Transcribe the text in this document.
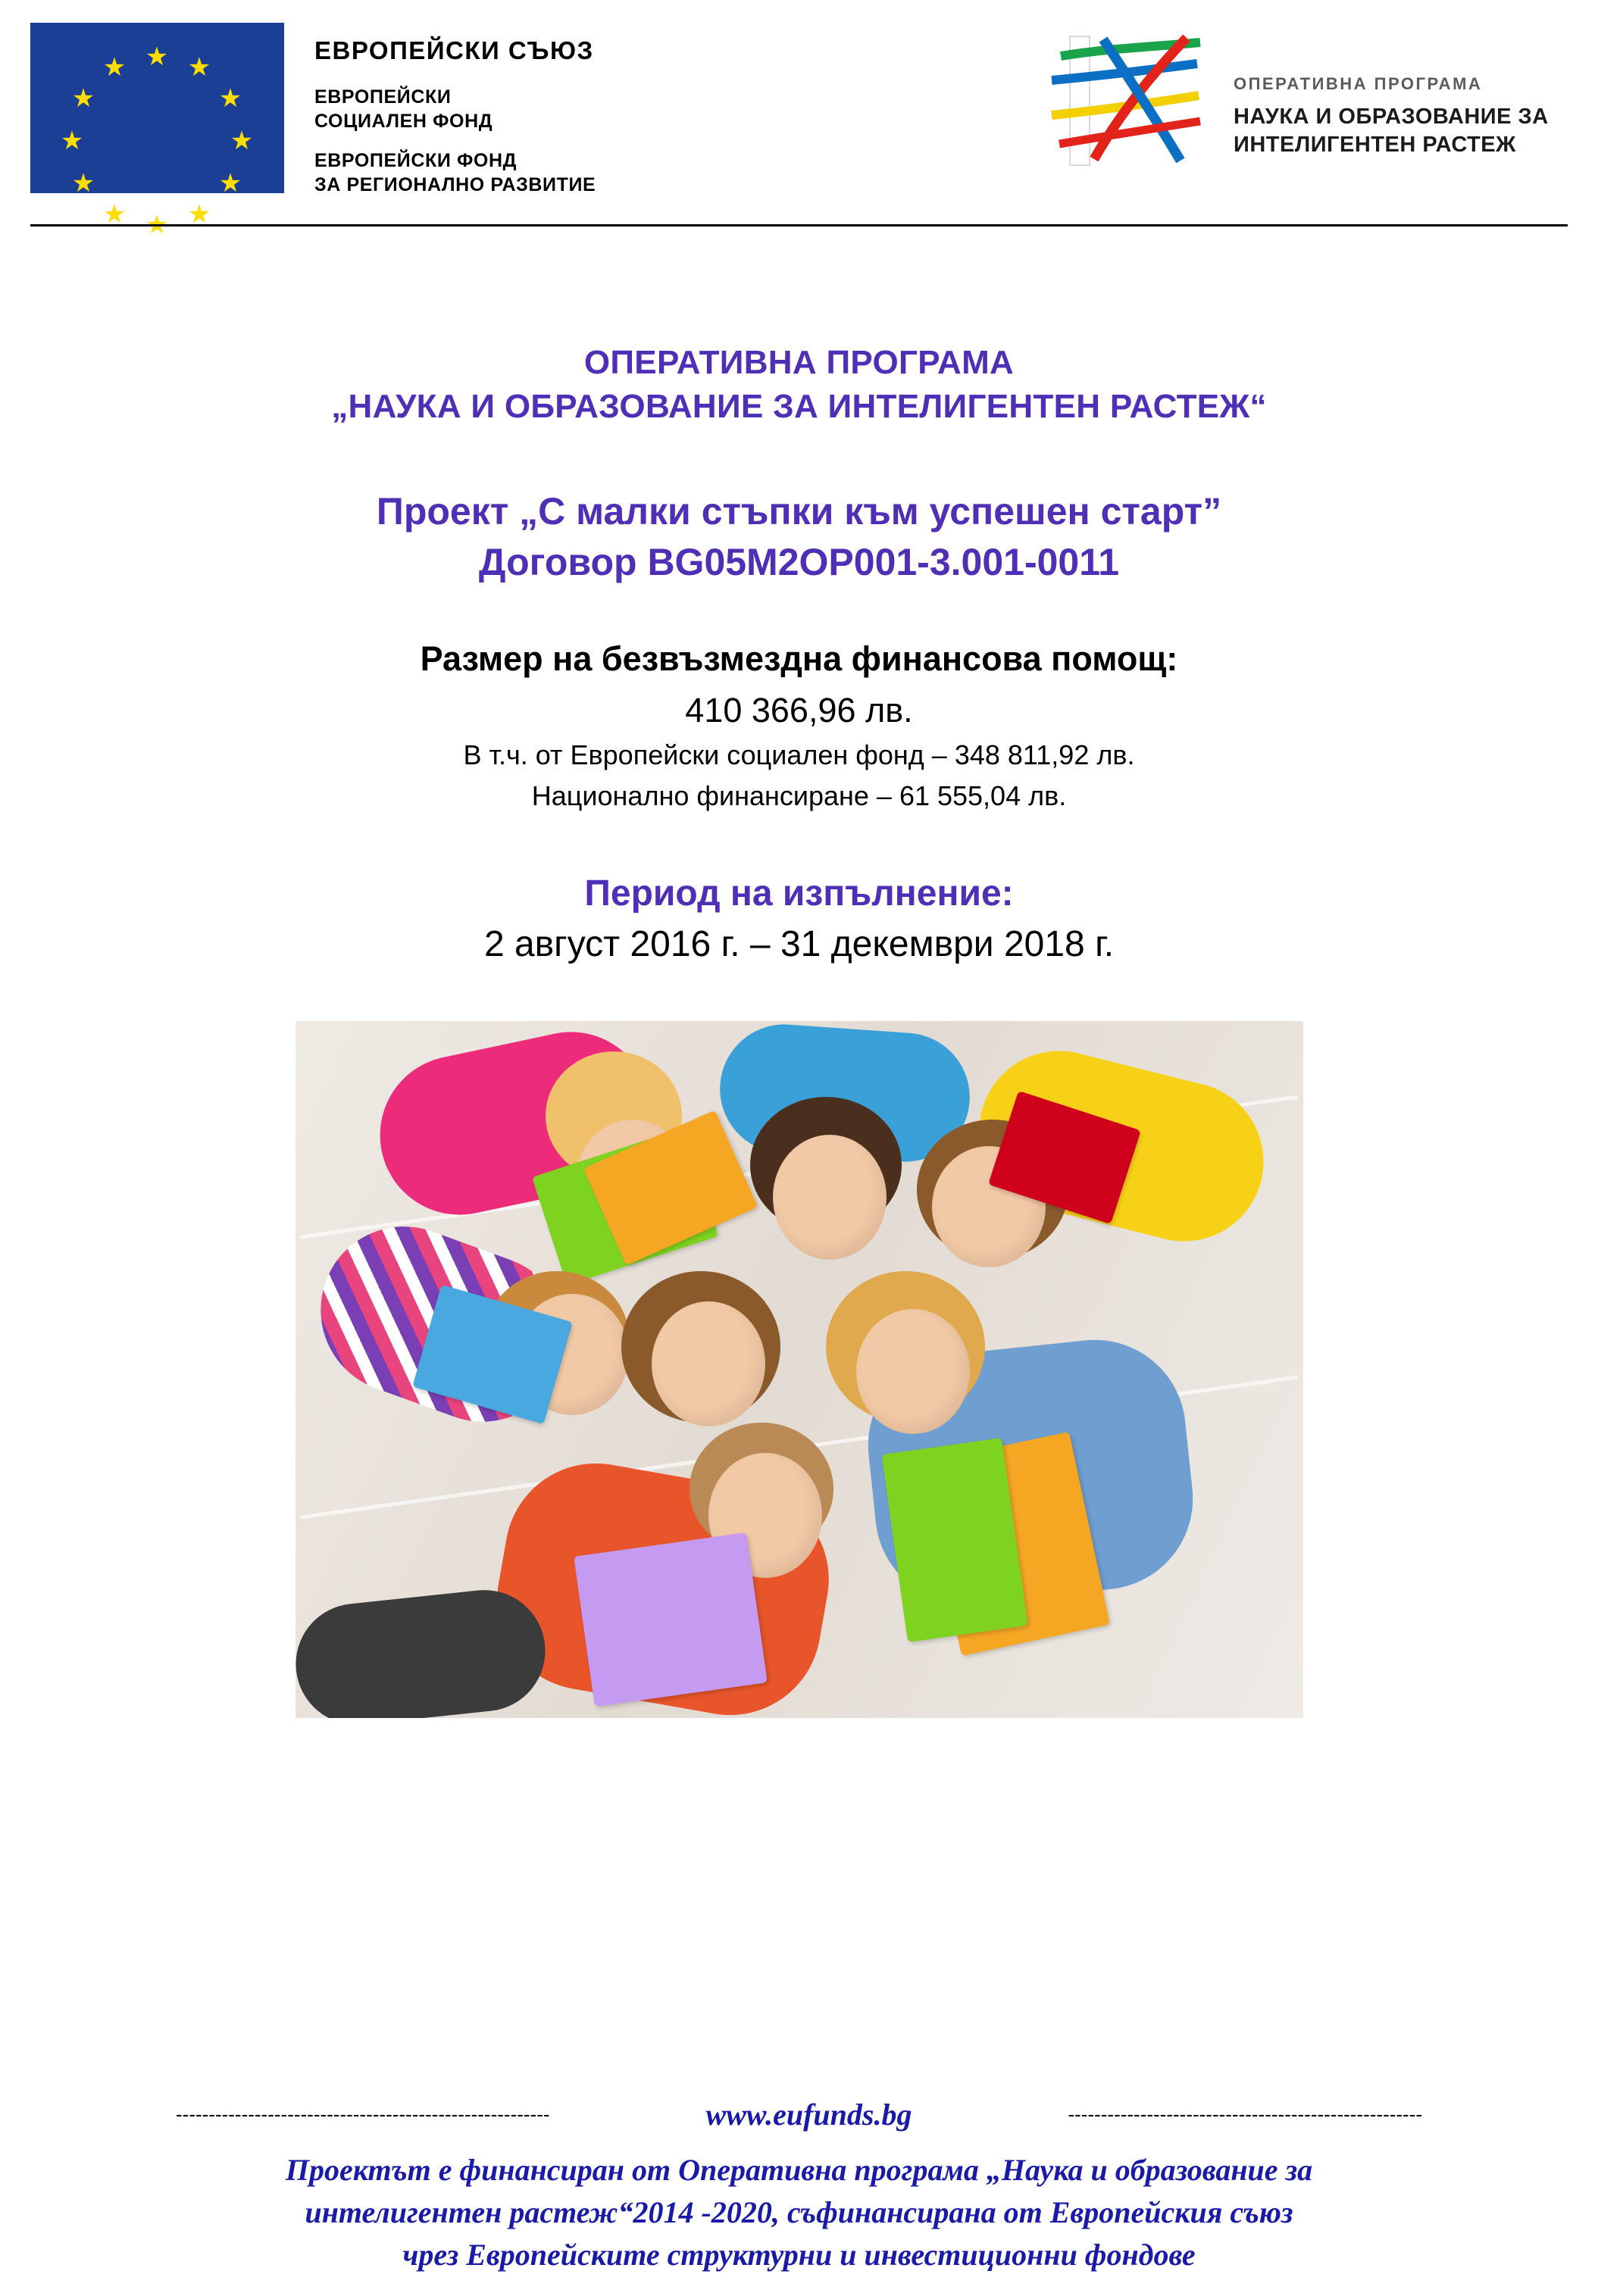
★ ★
★
★
★
★
★
★
★
★
★
★
ЕВРОПЕЙСКИ СЪЮЗ
ЕВРОПЕЙСКИ
СОЦИАЛЕН ФОНД
ЕВРОПЕЙСКИ ФОНД
ЗА РЕГИОНАЛНО РАЗВИТИЕ
ОПЕРАТИВНА ПРОГРАМА
НАУКА И ОБРАЗОВАНИЕ ЗА
ИНТЕЛИГЕНТЕН РАСТЕЖ
ОПЕРАТИВНА ПРОГРАМА
„НАУКА И ОБРАЗОВАНИЕ ЗА ИНТЕЛИГЕНТЕН РАСТЕЖ“
Проект „С малки стъпки към успешен старт”
Договор BG05M2OP001-3.001-0011
Размер на безвъзмездна финансова помощ:
410 366,96 лв.
В т.ч. от Европейски социален фонд – 348 811,92 лв.
Национално финансиране – 61 555,04 лв.
Период на изпълнение:
2 август 2016 г. – 31 декември 2018 г.
---------------------------------------------------------	www.eufunds.bg	------------------------------------------------------
Проектът е финансиран от Оперативна програма „Наука и образование за
интелигентен растеж“2014 -2020, съфинансирана от Европейския съюз
чрез Европейските структурни и инвестиционни фондове
